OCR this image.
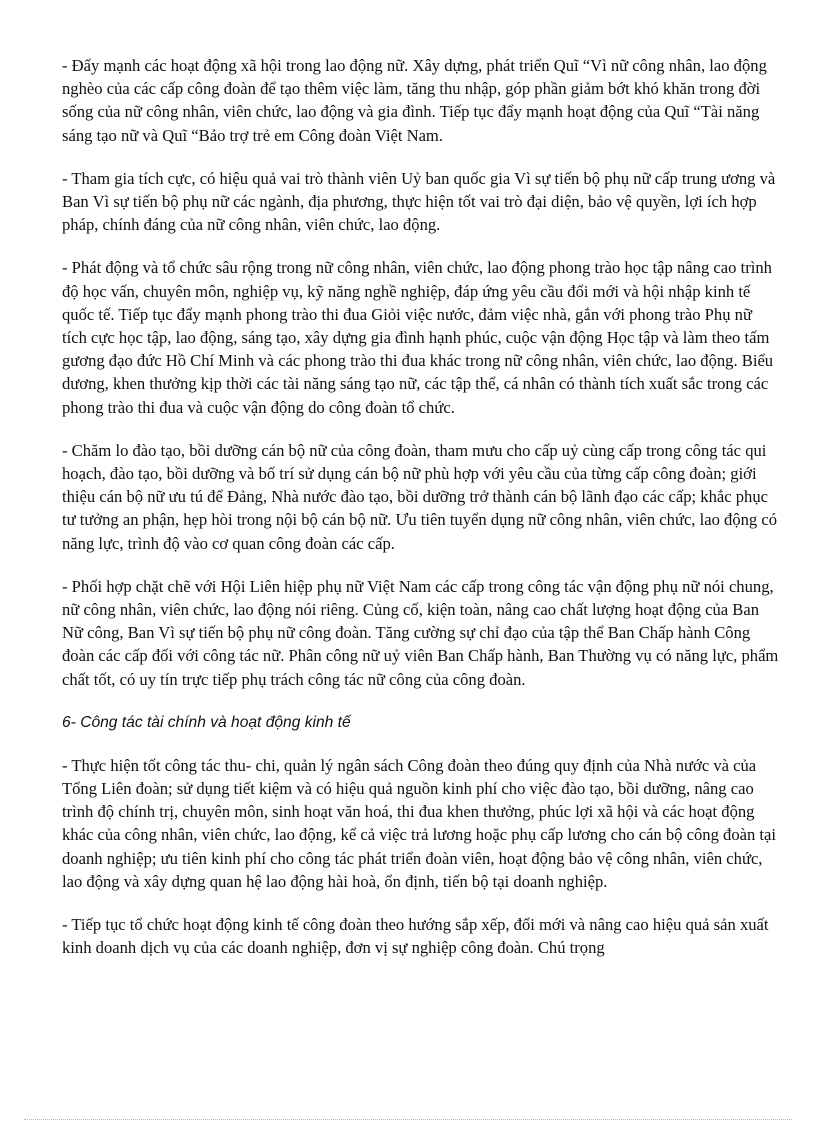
- Đẩy mạnh các hoạt động xã hội trong lao động nữ. Xây dựng, phát triển Quĩ “Vì nữ công nhân, lao động nghèo của các cấp công đoàn để tạo thêm việc làm, tăng thu nhập, góp phần giảm bớt khó khăn trong đời sống của nữ công nhân, viên chức, lao động và gia đình. Tiếp tục đẩy mạnh hoạt động của Quĩ “Tài năng sáng tạo nữ và Quĩ “Bảo trợ trẻ em Công đoàn Việt Nam.

- Tham gia tích cực, có hiệu quả vai trò thành viên Uỷ ban quốc gia Vì sự tiến bộ phụ nữ cấp trung ương và Ban Vì sự tiến bộ phụ nữ các ngành, địa phương, thực hiện tốt vai trò đại diện, bảo vệ quyền, lợi ích hợp pháp, chính đáng của nữ công nhân, viên chức, lao động.

- Phát động và tổ chức sâu rộng trong nữ công nhân, viên chức, lao động phong trào học tập nâng cao trình độ học vấn, chuyên môn, nghiệp vụ, kỹ năng nghề nghiệp, đáp ứng yêu cầu đổi mới và hội nhập kinh tế quốc tế. Tiếp tục đẩy mạnh phong trào thi đua Giỏi việc nước, đảm việc nhà, gắn với phong trào Phụ nữ tích cực học tập, lao động, sáng tạo, xây dựng gia đình hạnh phúc, cuộc vận động Học tập và làm theo tấm gương đạo đức Hồ Chí Minh và các phong trào thi đua khác trong nữ công nhân, viên chức, lao động. Biểu dương, khen thưởng kịp thời các tài năng sáng tạo nữ, các tập thể, cá nhân có thành tích xuất sắc trong các phong trào thi đua và cuộc vận động do công đoàn tổ chức.

- Chăm lo đào tạo, bồi dưỡng cán bộ nữ của công đoàn, tham mưu cho cấp uỷ cùng cấp trong công tác qui hoạch, đào tạo, bồi dưỡng và bố trí sử dụng cán bộ nữ phù hợp với yêu cầu của từng cấp công đoàn; giới thiệu cán bộ nữ ưu tú để Đảng, Nhà nước đào tạo, bồi dưỡng trở thành cán bộ lãnh đạo các cấp; khắc phục tư tưởng an phận, hẹp hòi trong nội bộ cán bộ nữ. Ưu tiên tuyển dụng nữ công nhân, viên chức, lao động có năng lực, trình độ vào cơ quan công đoàn các cấp.

- Phối hợp chặt chẽ với Hội Liên hiệp phụ nữ Việt Nam các cấp trong công tác vận động phụ nữ nói chung, nữ công nhân, viên chức, lao động nói riêng. Củng cố, kiện toàn, nâng cao chất lượng hoạt động của Ban Nữ công, Ban Vì sự tiến bộ phụ nữ công đoàn. Tăng cường sự chỉ đạo của tập thể Ban Chấp hành Công đoàn các cấp đối với công tác nữ. Phân công nữ uỷ viên Ban Chấp hành, Ban Thường vụ có năng lực, phẩm chất tốt, có uy tín trực tiếp phụ trách công tác nữ công của công đoàn.

6- Công tác tài chính và hoạt động kinh tế

- Thực hiện tốt công tác thu- chi, quản lý ngân sách Công đoàn theo đúng quy định của Nhà nước và của Tổng Liên đoàn; sử dụng tiết kiệm và có hiệu quả nguồn kinh phí cho việc đào tạo, bồi dưỡng, nâng cao trình độ chính trị, chuyên môn, sinh hoạt văn hoá, thi đua khen thưởng, phúc lợi xã hội và các hoạt động khác của công nhân, viên chức, lao động, kể cả việc trả lương hoặc phụ cấp lương cho cán bộ công đoàn tại doanh nghiệp; ưu tiên kinh phí cho công tác phát triển đoàn viên, hoạt động bảo vệ công nhân, viên chức, lao động và xây dựng quan hệ lao động hài hoà, ổn định, tiến bộ tại doanh nghiệp.

- Tiếp tục tổ chức hoạt động kinh tế công đoàn theo hướng sắp xếp, đổi mới và nâng cao hiệu quả sản xuất kinh doanh dịch vụ của các doanh nghiệp, đơn vị sự nghiệp công đoàn. Chú trọng
